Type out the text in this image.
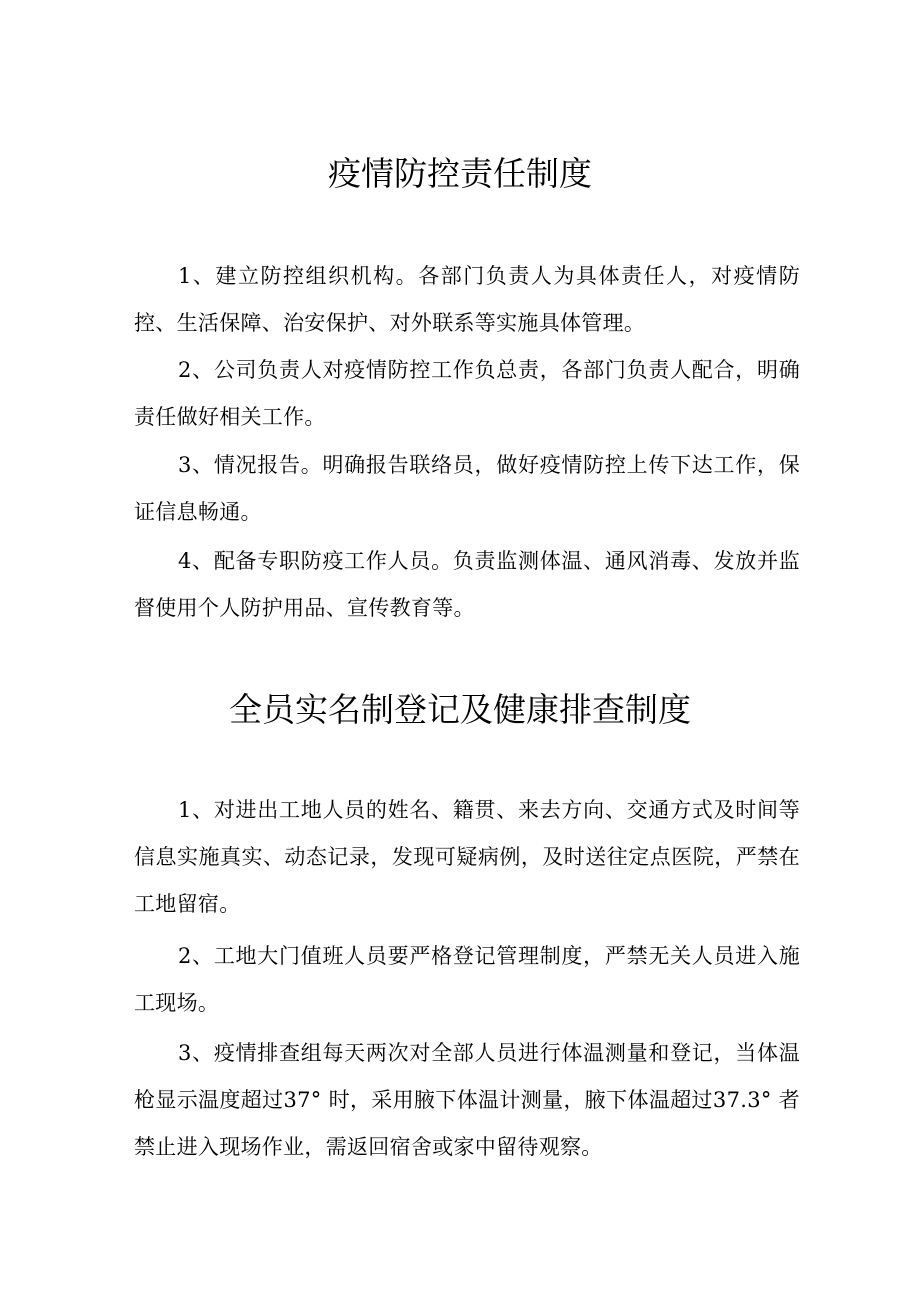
疫情防控责任制度

1、建立防控组织机构。各部门负责人为具体责任人，对疫情防控、生活保障、治安保护、对外联系等实施具体管理。

2、公司负责人对疫情防控工作负总责，各部门负责人配合，明确责任做好相关工作。

3、情况报告。明确报告联络员，做好疫情防控上传下达工作，保证信息畅通。

4、配备专职防疫工作人员。负责监测体温、通风消毒、发放并监督使用个人防护用品、宣传教育等。

全员实名制登记及健康排查制度

1、对进出工地人员的姓名、籍贯、来去方向、交通方式及时间等信息实施真实、动态记录，发现可疑病例，及时送往定点医院，严禁在工地留宿。

2、工地大门值班人员要严格登记管理制度，严禁无关人员进入施工现场。

3、疫情排查组每天两次对全部人员进行体温测量和登记，当体温枪显示温度超过37° 时，采用腋下体温计测量，腋下体温超过37.3° 者禁止进入现场作业，需返回宿舍或家中留待观察。
